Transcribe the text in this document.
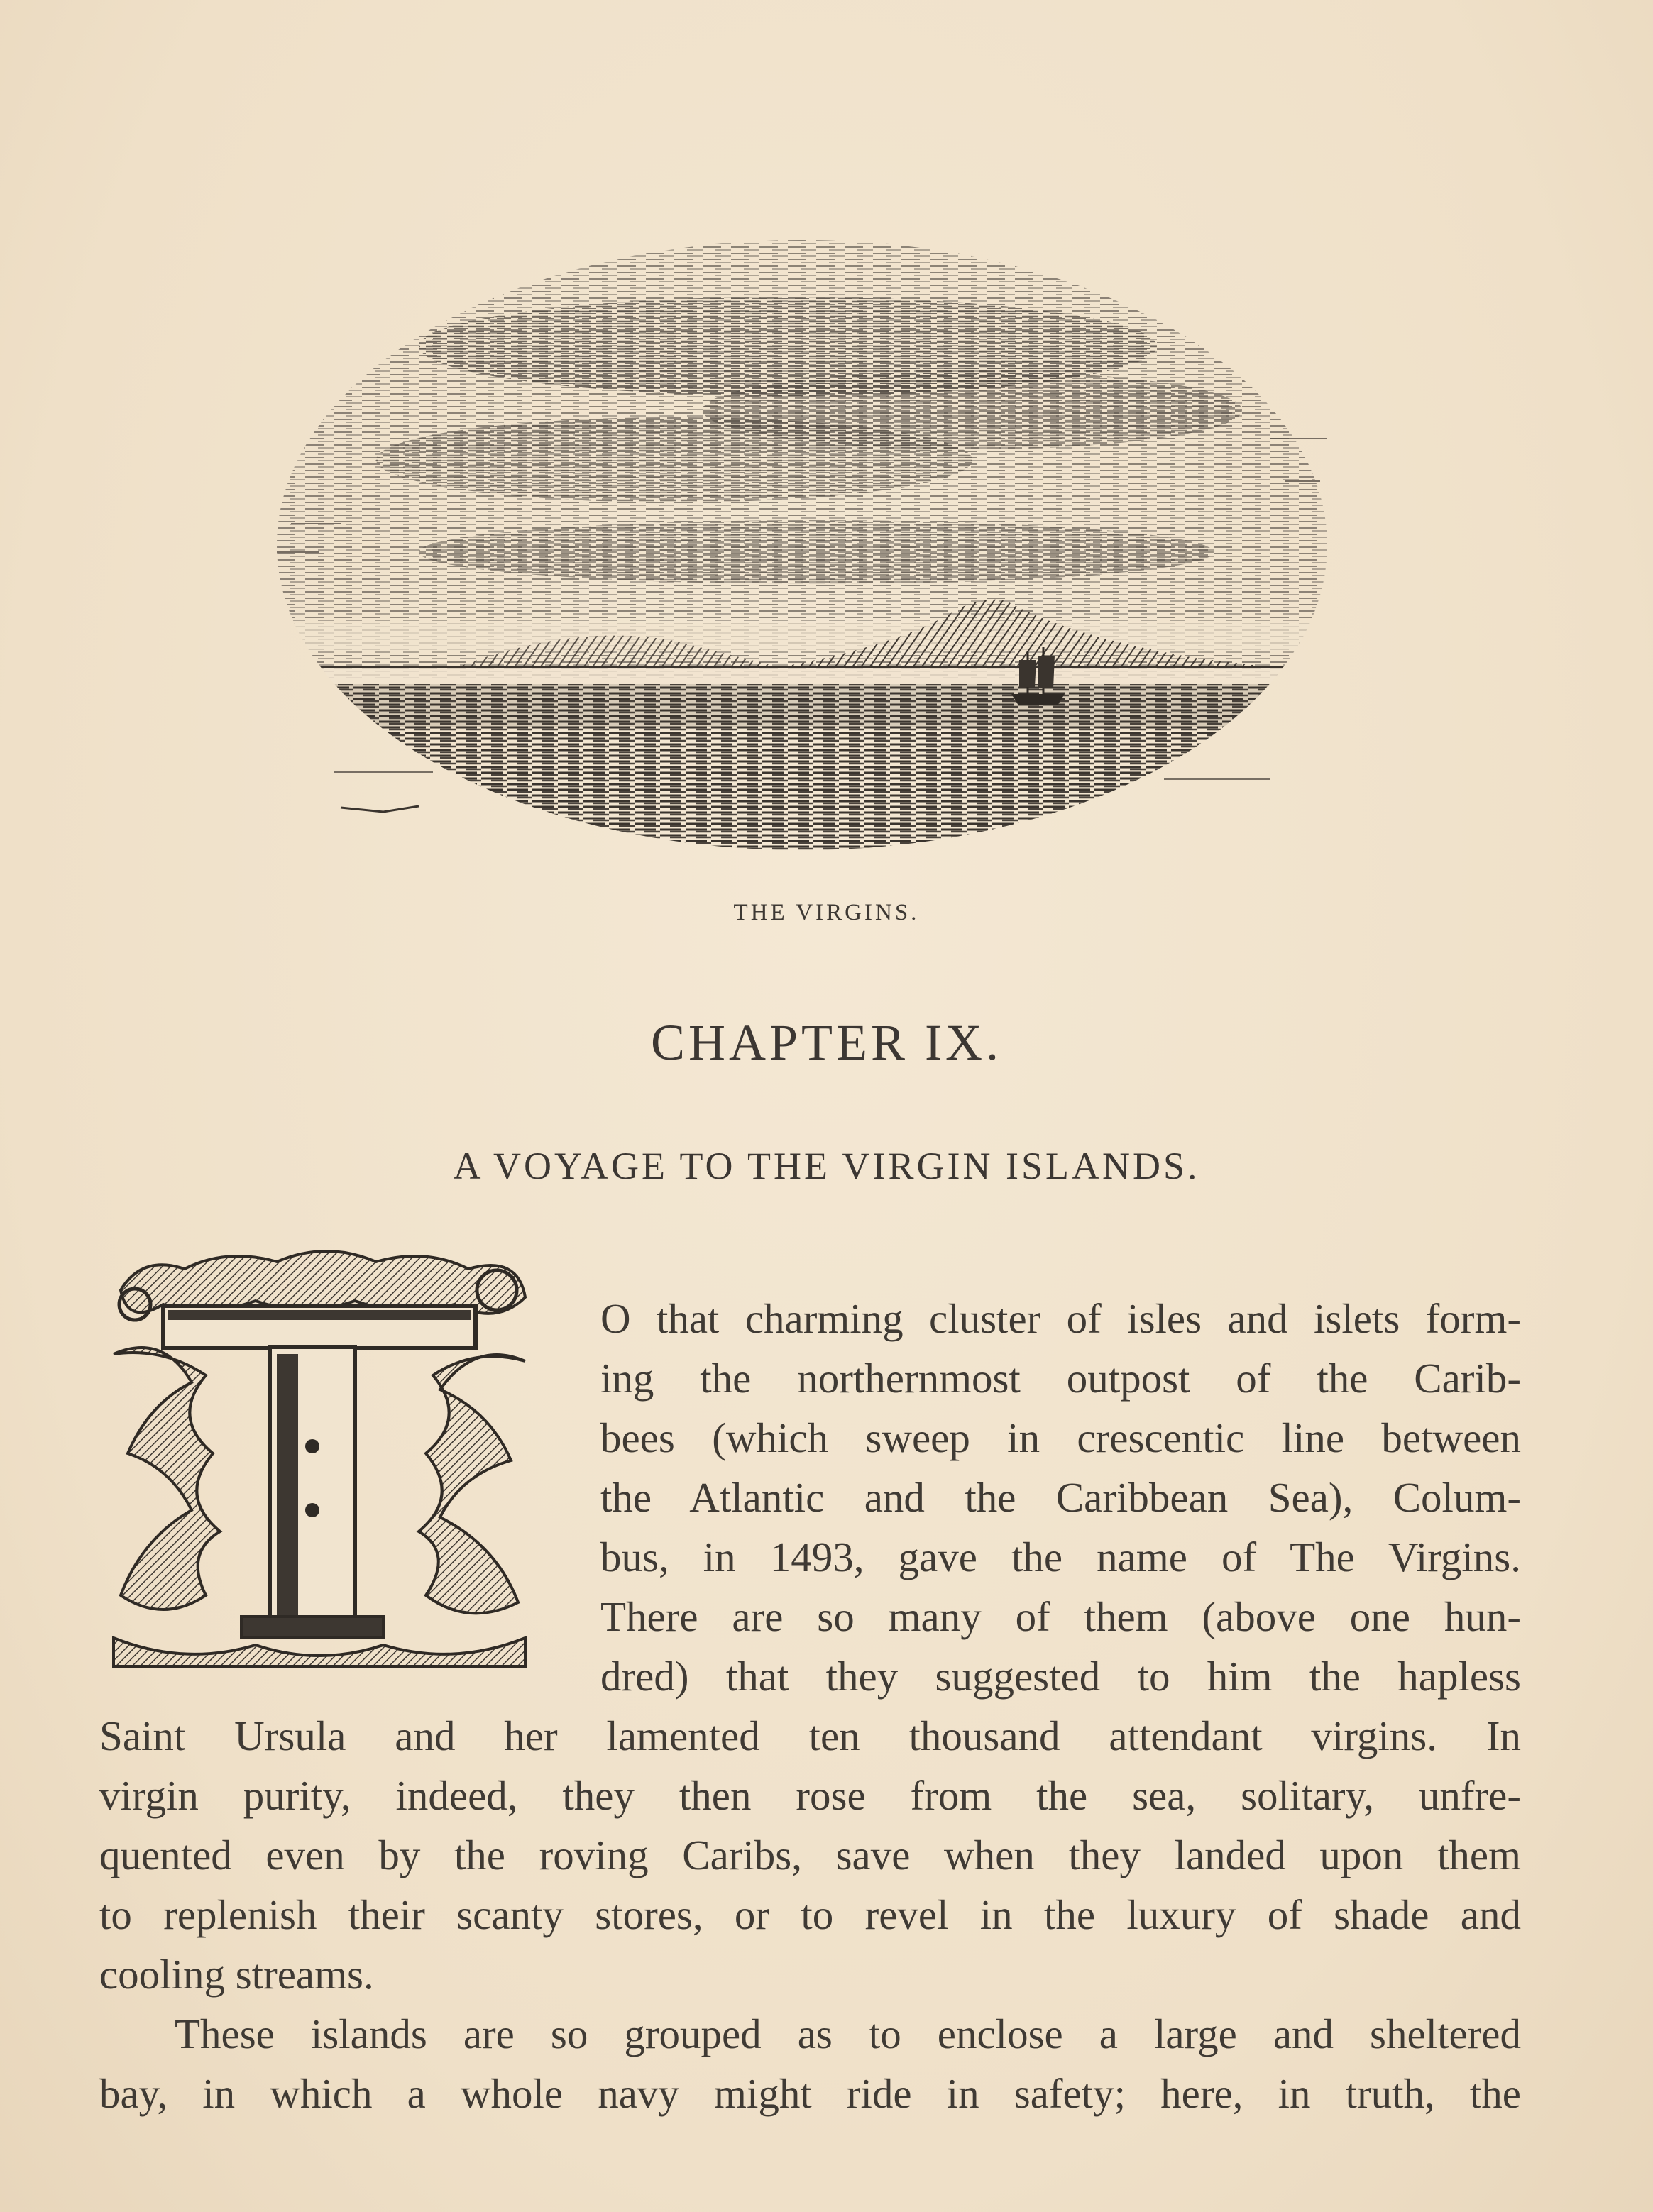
THE VIRGINS.
CHAPTER IX.
A VOYAGE TO THE VIRGIN ISLANDS.
O that charming cluster of isles and islets form-
ing the northernmost outpost of the Carib-
bees (which sweep in crescentic line between
the Atlantic and the Caribbean Sea), Colum-
bus, in 1493, gave the name of The Virgins.
There are so many of them (above one hun-
dred) that they suggested to him the hapless
Saint Ursula and her lamented ten thousand attendant virgins. In
virgin purity, indeed, they then rose from the sea, solitary, unfre-
quented even by the roving Caribs, save when they landed upon them
to replenish their scanty stores, or to revel in the luxury of shade and
cooling streams.
These islands are so grouped as to enclose a large and sheltered
bay, in which a whole navy might ride in safety; here, in truth, the
